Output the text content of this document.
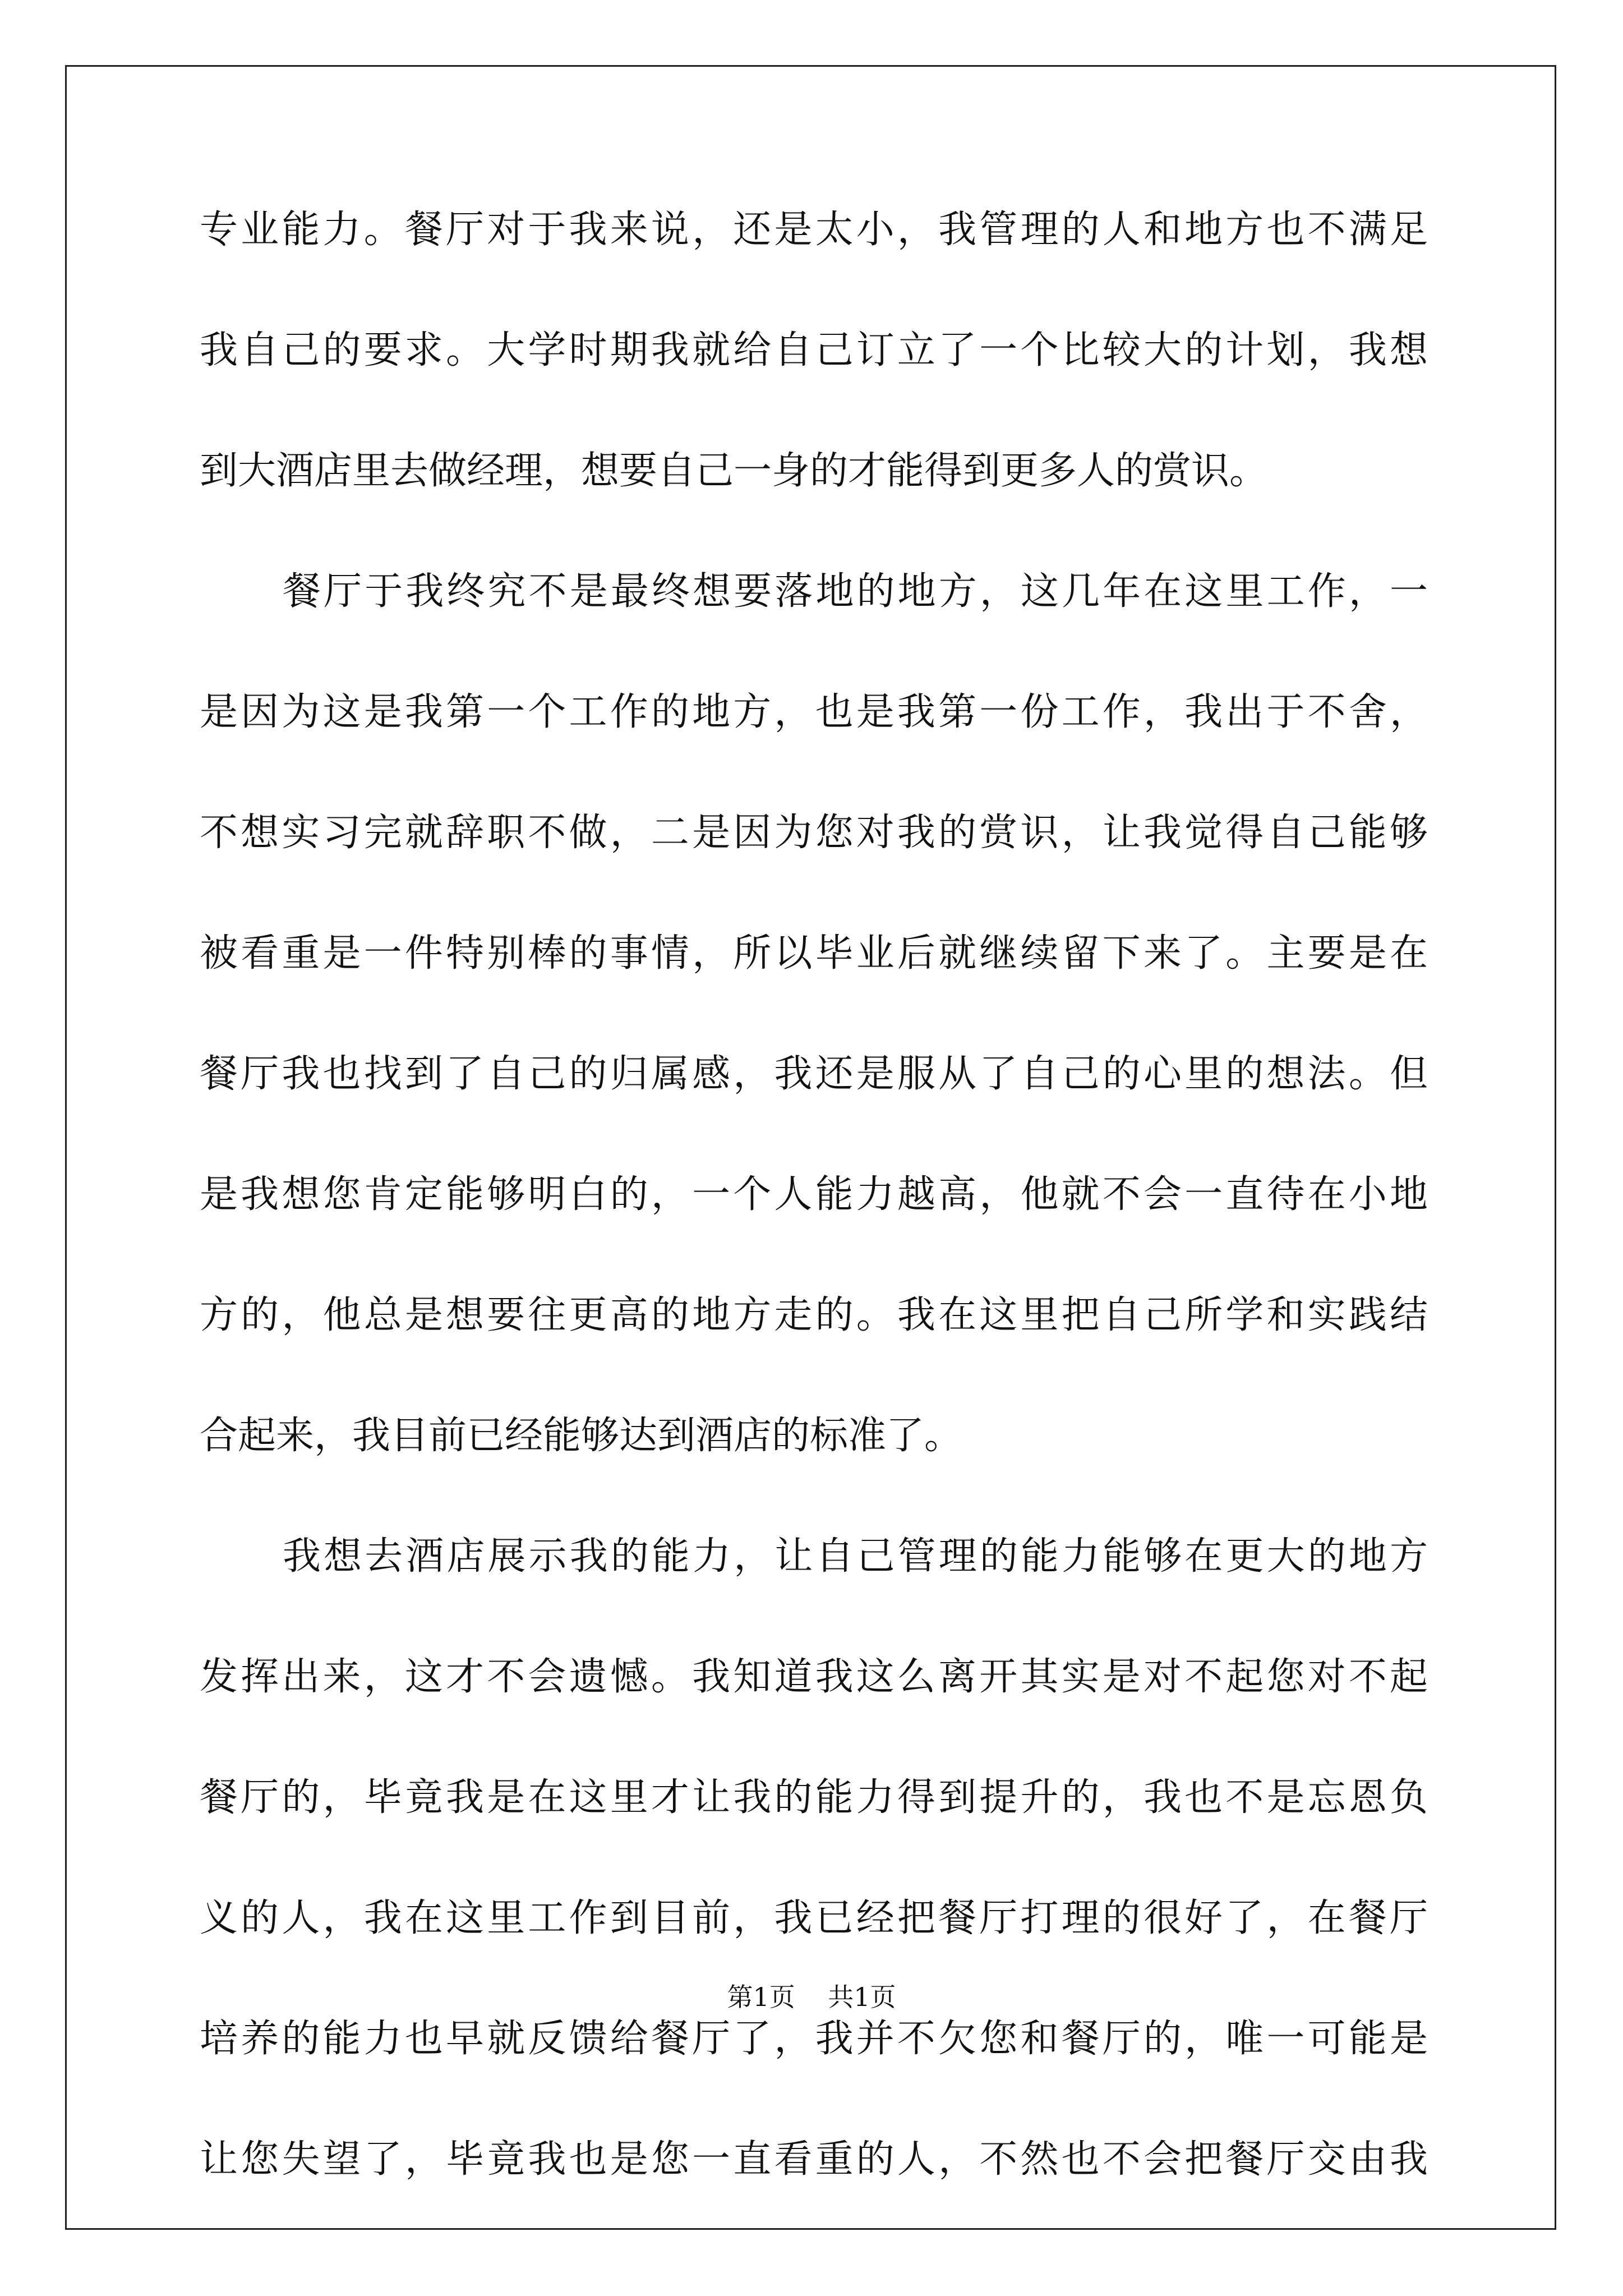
专业能力。餐厅对于我来说，还是太小，我管理的人和地方也不满足
我自己的要求。大学时期我就给自己订立了一个比较大的计划，我想
到大酒店里去做经理，想要自己一身的才能得到更多人的赏识。
餐厅于我终究不是最终想要落地的地方，这几年在这里工作，一
是因为这是我第一个工作的地方，也是我第一份工作，我出于不舍，
不想实习完就辞职不做，二是因为您对我的赏识，让我觉得自己能够
被看重是一件特别棒的事情，所以毕业后就继续留下来了。主要是在
餐厅我也找到了自己的归属感，我还是服从了自己的心里的想法。但
是我想您肯定能够明白的，一个人能力越高，他就不会一直待在小地
方的，他总是想要往更高的地方走的。我在这里把自己所学和实践结
合起来，我目前已经能够达到酒店的标准了。
我想去酒店展示我的能力，让自己管理的能力能够在更大的地方
发挥出来，这才不会遗憾。我知道我这么离开其实是对不起您对不起
餐厅的，毕竟我是在这里才让我的能力得到提升的，我也不是忘恩负
义的人，我在这里工作到目前，我已经把餐厅打理的很好了，在餐厅
培养的能力也早就反馈给餐厅了，我并不欠您和餐厅的，唯一可能是
让您失望了，毕竟我也是您一直看重的人，不然也不会把餐厅交由我
第1页 共1页
